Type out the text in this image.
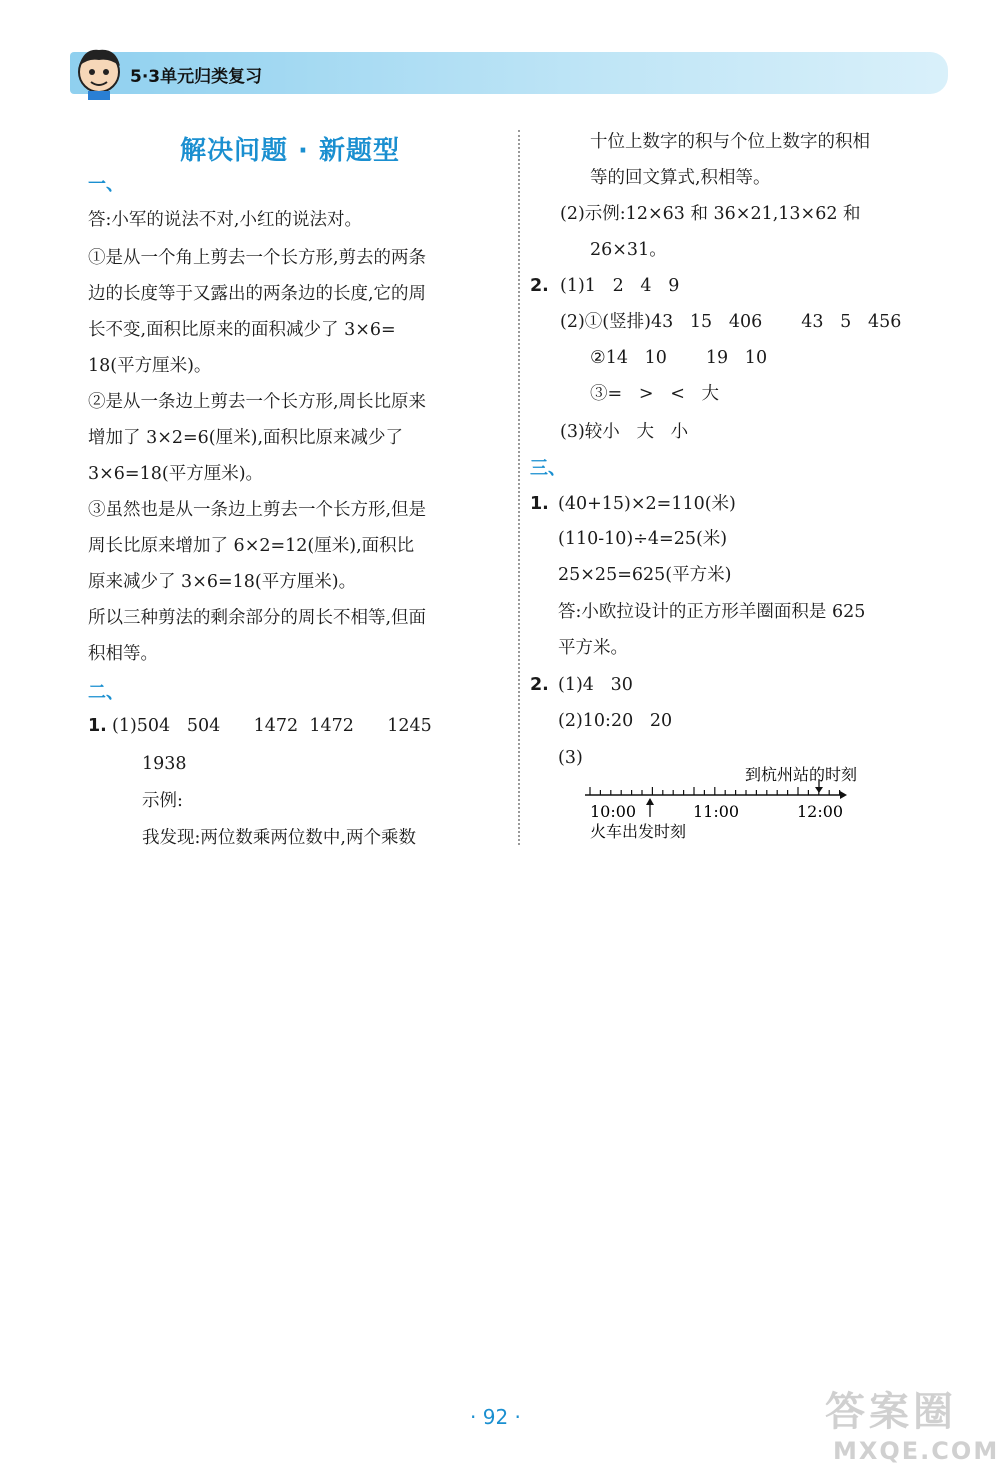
5·3单元归类复习
解决问题 · 新题型
一、
答:小军的说法不对,小红的说法对。
①是从一个角上剪去一个长方形,剪去的两条
边的长度等于又露出的两条边的长度,它的周
长不变,面积比原来的面积减少了 3×6=
18(平方厘米)。
②是从一条边上剪去一个长方形,周长比原来
增加了 3×2=6(厘米),面积比原来减少了
3×6=18(平方厘米)。
③虽然也是从一条边上剪去一个长方形,但是
周长比原来增加了 6×2=12(厘米),面积比
原来减少了 3×6=18(平方厘米)。
所以三种剪法的剩余部分的周长不相等,但面
积相等。
二、
1. (1)504   504      1472  1472      1245
1938
示例:
我发现:两位数乘两位数中,两个乘数
十位上数字的积与个位上数字的积相
等的回文算式,积相等。
(2)示例:12×63 和 36×21,13×62 和
26×31。
2. (1)1   2   4   9
(2)①(竖排)43   15   406       43   5   456
②14   10       19   10
③=   >   <   大
(3)较小   大   小
三、
1. (40+15)×2=110(米)
(110-10)÷4=25(米)
25×25=625(平方米)
答:小欧拉设计的正方形羊圈面积是 625
平方米。
2. (1)4   30
(2)10:20   20
(3)
到杭州站的时刻
10:00	11:00	12:00
火车出发时刻
· 92 ·	答案圈
MXQE.COM
